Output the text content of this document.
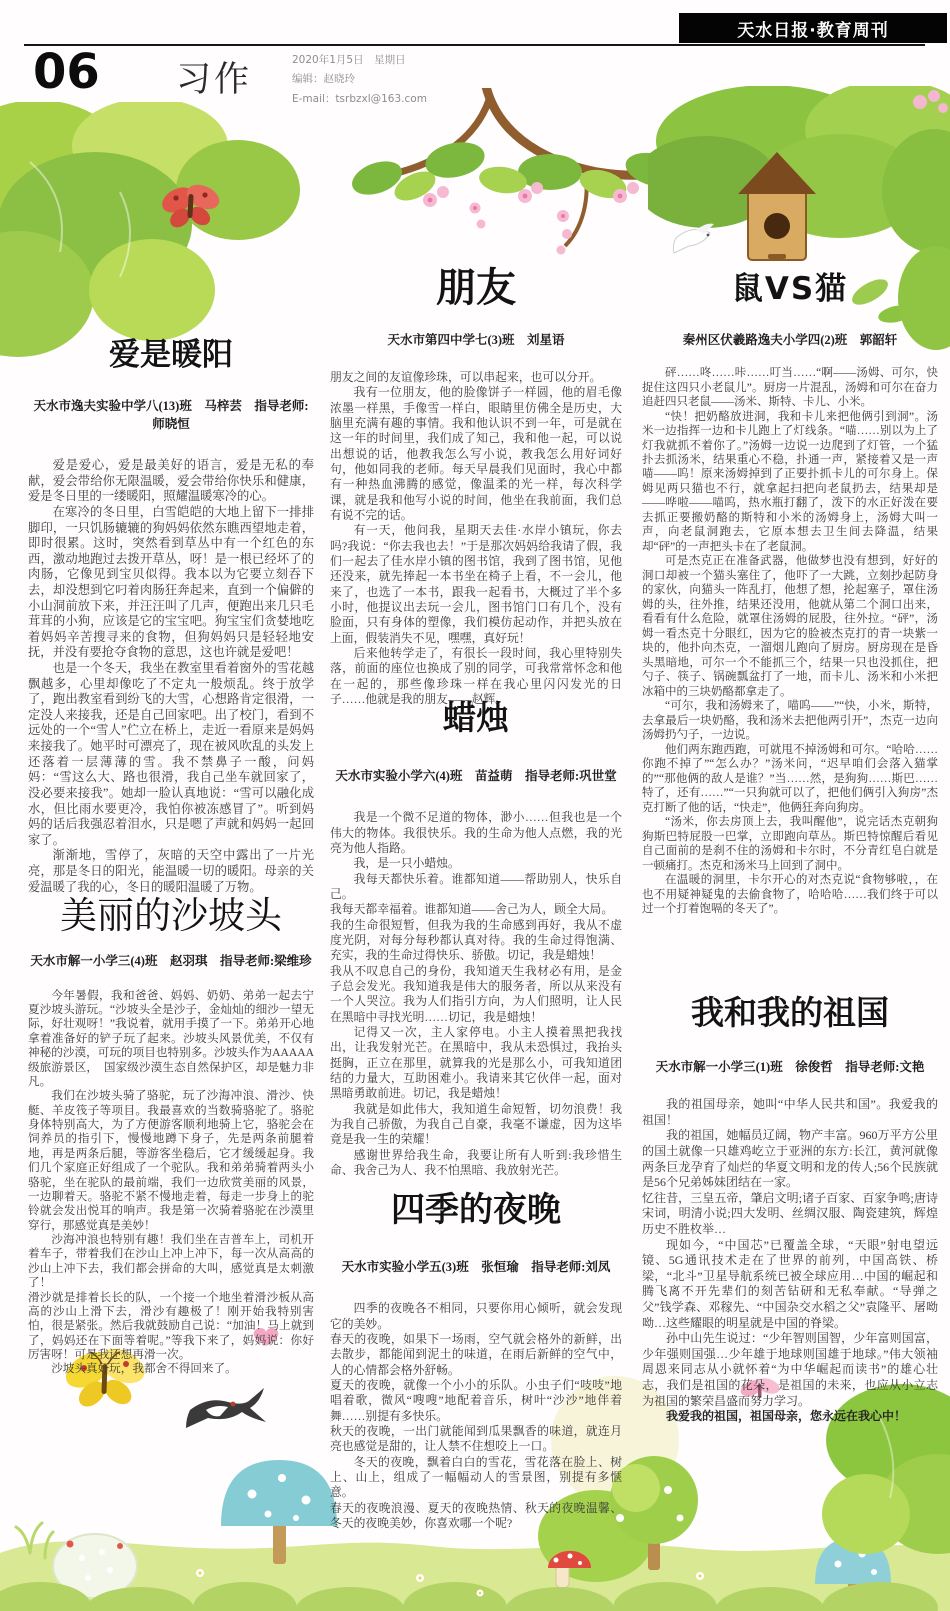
天水日报·教育周刊
06 习作	2020年1月5日　星期日
编辑：赵晓玲
E-mail：tsrbzxl@163.com
爱是暖阳
天水市逸夫实验中学八(13)班　马梓芸　指导老师:师晓恒

爱是爱心，爱是最美好的语言，爱是无私的奉献，爱会带给你无限温暖，爱会带给你快乐和健康，爱是冬日里的一缕暖阳，照耀温暖寒冷的心。

在寒冷的冬日里，白雪皑皑的大地上留下一排排脚印，一只饥肠辘辘的狗妈妈依然东瞧西望地走着，即时很累。这时，突然看到草丛中有一个红色的东西，激动地跑过去拨开草丛，呀！是一根已经坏了的肉肠，它像见到宝贝似得。我本以为它要立刻吞下去，却没想到它叼着肉肠狂奔起来，直到一个偏僻的小山洞前放下来，并汪汪叫了几声，便跑出来几只毛茸茸的小狗，应该是它的宝宝吧。狗宝宝们贪婪地吃着妈妈辛苦搜寻来的食物，但狗妈妈只是轻轻地安抚，并没有要抢夺食物的意思，这也许就是爱吧！

也是一个冬天，我坐在教室里看着窗外的雪花越飘越多，心里却像吃了不定丸一般烦乱。终于放学了，跑出教室看到纷飞的大雪，心想路肯定很滑，一定没人来接我，还是自己回家吧。出了校门，看到不远处的一个“雪人”伫立在桥上，走近一看原来是妈妈来接我了。她平时可漂亮了，现在被风吹乱的头发上还落着一层薄薄的雪。我不禁鼻子一酸，问妈妈：“雪这么大、路也很滑，我自己坐车就回家了，没必要来接我”。她却一脸认真地说：“雪可以融化成水，但比雨水要更冷，我怕你被冻感冒了”。听到妈妈的话后我强忍着泪水，只是嗯了声就和妈妈一起回家了。

渐渐地，雪停了，灰暗的天空中露出了一片光亮，那是冬日的阳光，能温暖一切的暖阳。母亲的关爱温暖了我的心，冬日的暖阳温暖了万物。

美丽的沙坡头
天水市解一小学三(4)班　赵羽琪　指导老师:梁维珍

今年暑假，我和爸爸、妈妈、奶奶、弟弟一起去宁夏沙坡头游玩。“沙坡头全是沙子，金灿灿的细沙一望无际，好壮观呀！”我说着，就用手摸了一下。弟弟开心地拿着准备好的铲子玩了起来。沙坡头风景优美，不仅有神秘的沙漠，可玩的项目也特别多。沙坡头作为AAAAA级旅游景区，　国家级沙漠生态自然保护区，却是魅力非凡。

我们在沙坡头骑了骆驼，玩了沙海冲浪、滑沙、快艇、羊皮筏子等项目。我最喜欢的当数骑骆驼了。骆驼身体特别高大，为了方便游客顺利地骑上它，骆驼会在饲养员的指引下，慢慢地蹲下身子，先是两条前腿着地，再是两条后腿，等游客坐稳后，它才缓缓起身。我们几个家庭正好组成了一个驼队。我和弟弟骑着两头小骆驼，坐在驼队的最前端，我们一边欣赏美丽的风景，一边聊着天。骆驼不紧不慢地走着，每走一步身上的驼铃就会发出悦耳的响声。我是第一次骑着骆驼在沙漠里穿行，那感觉真是美妙！

沙海冲浪也特别有趣！我们坐在吉普车上，司机开着车子，带着我们在沙山上冲上冲下，每一次从高高的沙山上冲下去，我们都会拼命的大叫，感觉真是太刺激了！

滑沙就是排着长长的队，一个接一个地坐着滑沙板从高高的沙山上滑下去，滑沙有趣极了！刚开始我特别害怕，很是紧张。然后我就鼓励自己说：“加油！马上就到了，妈妈还在下面等着呢。”等我下来了，妈妈说：你好厉害呀！可是我还想再滑一次。

沙坡头真好玩，我都舍不得回来了。

朋友
天水市第四中学七(3)班　刘星语

朋友之间的友谊像珍珠，可以串起来，也可以分开。

我有一位朋友，他的脸像饼子一样圆，他的眉毛像浓墨一样黑，手像雪一样白，眼睛里仿佛全是历史，大脑里充满有趣的事情。我和他认识不到一年，可是就在这一年的时间里，我们成了知己，我和他一起，可以说出想说的话，他教我怎么写小说，教我怎么用好词好句，他如同我的老师。每天早晨我们见面时，我心中都有一种热血沸腾的感觉，像温柔的光一样，每次科学课，就是我和他写小说的时间，他坐在我前面，我们总有说不完的话。

有一天，他问我，星期天去佳·水岸小镇玩，你去吗?我说：“你去我也去！”于是那次妈妈给我请了假，我们一起去了佳水岸小镇的图书馆，我到了图书馆，见他还没来，就先捧起一本书坐在椅子上看，不一会儿，他来了，也选了一本书，跟我一起看书，大概过了半个多小时，他提议出去玩一会儿，图书馆门口有几个，没有脸面，只有身体的塑像，我们模仿起动作，并把头放在上面，假装消失不见，嘿嘿，真好玩！

后来他转学走了，有很长一段时间，我心里特别失落，前面的座位也换成了别的同学，可我常常怀念和他在一起的，那些像珍珠一样在我心里闪闪发光的日子……他就是我的朋友——赵辉。

蜡烛
天水市实验小学六(4)班　苗益萌　指导老师:巩世堂

我是一个微不足道的物体，渺小……但我也是一个伟大的物体。我很快乐。我的生命为他人点燃，我的光亮为他人指路。

我，是一只小蜡烛。

我每天都快乐着。谁都知道——帮助别人，快乐自己。

我每天都幸福着。谁都知道——舍己为人，顾全大局。

我的生命很短暂，但我为我的生命感到再好，我从不虚度光阴，对每分每秒都认真对待。我的生命过得饱满、充实，我的生命过得快乐、骄傲。切记，我是蜡烛！

我从不叹息自己的身份，我知道天生我材必有用，是金子总会发光。我知道我是伟大的服务者，所以从来没有一个人哭泣。我为人们指引方向，为人们照明，让人民在黑暗中寻找光明……切记，我是蜡烛！

记得又一次，主人家停电。小主人摸着黑把我找出，让我发射光芒。在黑暗中，我从未恐惧过，我抬头挺胸，正立在那里，就算我的光是那么小，可我知道团结的力量大，互助困难小。我请来其它伙伴一起，面对黑暗勇敢前进。切记，我是蜡烛！

我就是如此伟大，我知道生命短暂，切勿浪费！我为我自己骄傲，为我自己自豪，我毫不谦虚，因为这毕竟是我一生的荣耀！

感谢世界给我生命，我要让所有人听到:我珍惜生命、我舍己为人、我不怕黑暗、我放射光芒。

四季的夜晚
天水市实验小学五(3)班　张恒瑜　指导老师:刘凤

四季的夜晚各不相同，只要你用心倾听，就会发现它的美妙。

春天的夜晚，如果下一场雨，空气就会格外的新鲜，出去散步，都能闻到泥土的味道，在雨后新鲜的空气中，人的心情都会格外舒畅。

夏天的夜晚，就像一个小小的乐队。小虫子们“吱吱”地唱着歌，微风“嗖嗖”地配着音乐，树叶“沙沙”地伴着舞……别提有多快乐。

秋天的夜晚，一出门就能闻到瓜果飘香的味道，就连月亮也感觉是甜的，让人禁不住想咬上一口。

冬天的夜晚，飘着白白的雪花，雪花落在脸上、树上、山上，组成了一幅幅动人的雪景图，别提有多惬意。

春天的夜晚浪漫、夏天的夜晚热情、秋天的夜晚温馨、冬天的夜晚美妙，你喜欢哪一个呢?

鼠VS猫
秦州区伏羲路逸夫小学四(2)班　郭韶轩

砰……咚……咔……叮当……“啊——汤姆、可尔，快捉住这四只小老鼠儿”。厨房一片混乱，汤姆和可尔在奋力追赶四只老鼠——汤米、斯特、卡儿、小米。

“快！把奶酪放进洞，我和卡儿来把他俩引到洞”。汤米一边指挥一边和卡儿跑上了灯线条。“喵……别以为上了灯我就抓不着你了。”汤姆一边说一边爬到了灯管，一个猛扑去抓汤米，结果重心不稳，扑通一声，紧接着又是一声喵——呜！原来汤姆掉到了正要扑抓卡儿的可尔身上。保姆见两只猫也不行，就拿起扫把向老鼠扔去，结果却是——哗啦——喵呜，热水瓶打翻了，泼下的水正好泼在要去抓正要搬奶酪的斯特和小米的汤姆身上，汤姆大叫一声，向老鼠洞跑去，它原本想去卫生间去降温，结果却“砰”的一声把头卡在了老鼠洞。

可是杰克正在准备武器，他做梦也没有想到，好好的洞口却被一个猫头塞住了，他吓了一大跳，立刻抄起防身的家伙，向猫头一阵乱打，他想了想，抡起塞子，罩住汤姆的头，往外推，结果还没用，他就从第二个洞口出来，看看有什么危险，就罩住汤姆的屁股，往外拉。“砰”，汤姆一看杰克十分眼红，因为它的脸被杰克打的青一块紫一块的，他扑向杰克，一溜烟儿跑向了厨房。厨房现在是昏头黑暗地，可尔一个不能抓三个，结果一只也没抓住，把勺子、筷子、锅碗瓢盆打了一地，而卡儿、汤米和小米把冰箱中的三块奶酪都拿走了。

“可尔，我和汤姆来了，喵呜——”“快，小米，斯特，去拿最后一块奶酪，我和汤米去把他两引开”，杰克一边向汤姆扔勺子，一边说。

他们两东跑西跑，可就甩不掉汤姆和可尔。“哈哈……你跑不掉了”“怎么办？”汤米问，“迟早咱们会落入猫掌的”“那他俩的敌人是谁？”当……然，是狗狗……斯巴……特了，还有……”“一只狗就可以了，把他们俩引入狗房”杰克打断了他的话，“快走”，他俩狂奔向狗房。

“汤米，你去房顶上去，我叫醒他”，说完话杰克朝狗狗斯巴特屁股一巴掌，立即跑向草丛。斯巴特惊醒后看见自己面前的是刹不住的汤姆和卡尔时，不分青红皂白就是一顿痛打。杰克和汤米马上回到了洞中。

在温暖的洞里，卡尔开心的对杰克说“食物够啦，，在也不用疑神疑鬼的去偷食物了，哈哈哈……我们终于可以过一个打着饱嗝的冬天了”。

我和我的祖国
天水市解一小学三(1)班　徐俊哲　指导老师:文艳

我的祖国母亲，她叫“中华人民共和国”。我爱我的祖国！

我的祖国，她幅员辽阔，物产丰富。960万平方公里的国土就像一只雄鸡屹立于亚洲的东方:长江，黄河就像两条巨龙孕育了灿烂的华夏文明和龙的传人;56个民族就是56个兄弟姊妹团结在一家。

忆往昔，三皇五帝，肇启文明;诸子百家、百家争鸣;唐诗宋词，明清小说;四大发明、丝绸汉服、陶瓷建筑，辉煌历史不胜枚举…

现如今，“中国芯”已覆盖全球，“天眼”射电望远镜、5G通讯技术走在了世界的前列，中国高铁、桥梁，“北斗”卫星导航系统已被全球应用…中国的崛起和腾飞离不开先辈们的刻苦钻研和无私奉献。“导弹之父”钱学森、邓稼先、“中国杂交水稻之父”袁隆平、屠呦呦…这些耀眼的明星就是中国的脊梁。

孙中山先生说过：“少年智则国智，少年富则国富，少年强则国强…少年雄于地球则国雄于地球。”伟大领袖周恩来同志从小就怀着“为中华崛起而读书”的雄心壮志，我们是祖国的花朵，是祖国的未来，也应从小立志为祖国的繁荣昌盛而努力学习。

我爱我的祖国，祖国母亲，您永远在我心中！
